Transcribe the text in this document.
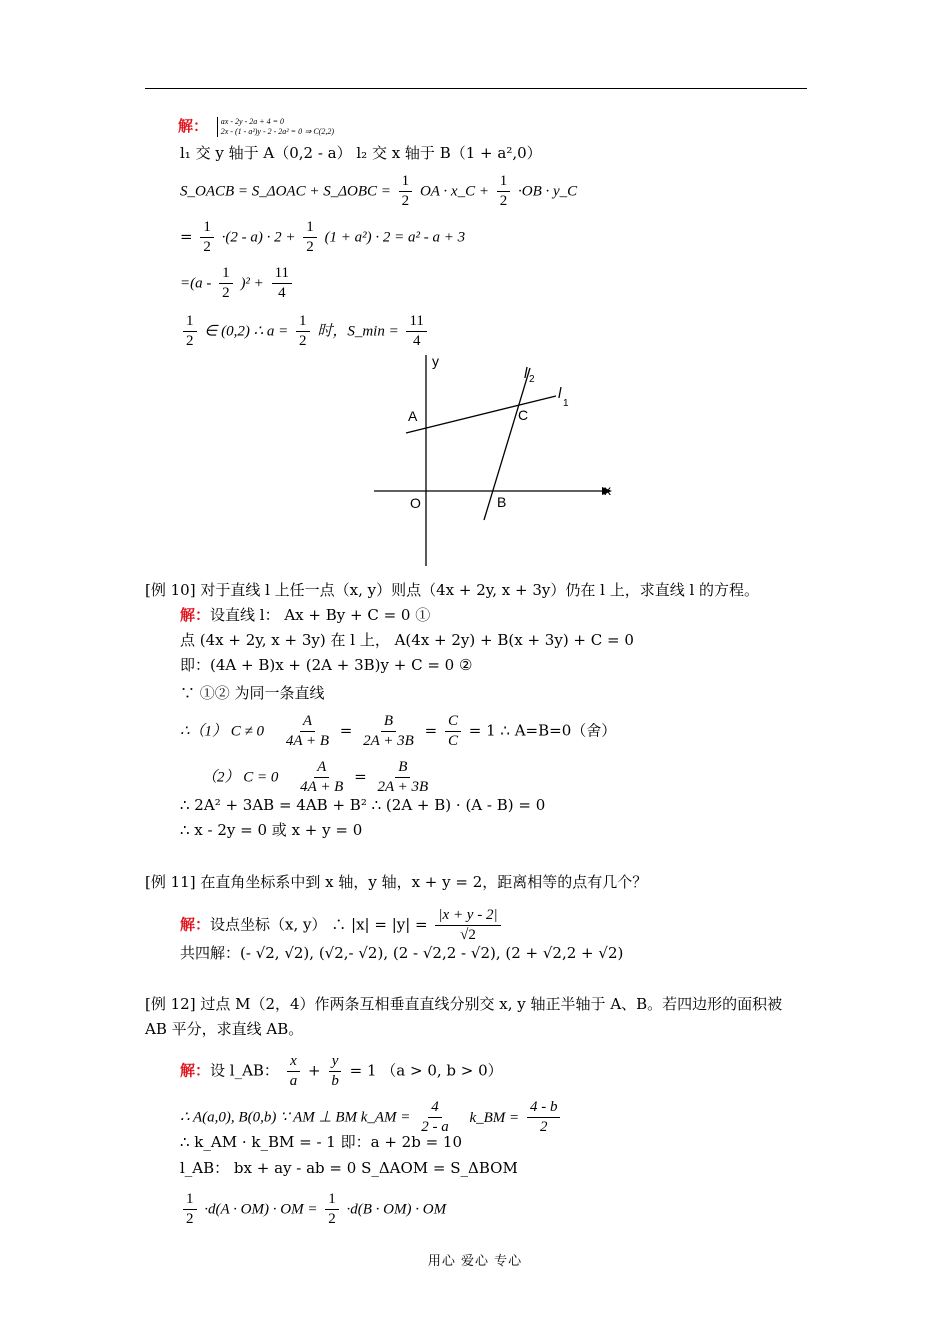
解： ax - 2y - 2a + 4 = 0
2x - (1 - a²)y - 2 - 2a² = 0 ⇒ C(2,2)
l₁ 交 y 轴于 A（0,2 - a） l₂ 交 x 轴于 B（1 + a²,0）
S_OACB = S_ΔOAC + S_ΔOBC = $\frac{1}{2}$ OA · x_C + $\frac{1}{2} \cdot OB$ · y_C
= $\frac{1}{2} \cdot(2 - a) \cdot 2 + \frac{1}{2} (1 + a^2) \cdot 2 = a^2 - a + 3$
$=(a - \frac{1}{2} )^2 + \frac{11}{4}$
$\frac{1}{2}$ ∈ (0,2) ∴ $a = \frac{1}{2}$ 时，S_min = $\frac{11}{4}$
y
x
O
A
B
C
l
1
l 2
[例 10] 对于直线 l 上任一点（x, y）则点（4x + 2y, x + 3y）仍在 l 上，求直线 l 的方程。
解：设直线 l： Ax + By + C = 0 ①
点 (4x + 2y, x + 3y) 在 l 上， A(4x + 2y) + B(x + 3y) + C = 0
即：(4A + B)x + (2A + 3B)y + C = 0 ②
∵ ①② 为同一条直线
∴（1） $C \ne 0 \frac{A}{4A + B} = \frac{B}{2A + 3B} = \frac{C}{C} = 1$ ∴ A=B=0（舍）
（2） $C = 0 \frac{A}{4A + B} = \frac{B}{2A + 3B}$
∴ 2A² + 3AB = 4AB + B² ∴ (2A + B) · (A - B) = 0
∴ x - 2y = 0 或 x + y = 0
[例 11] 在直角坐标系中到 x 轴，y 轴，x + y = 2，距离相等的点有几个？
解：设点坐标（x, y） ∴ $|x| = |y| = \frac{|x + y - 2|}{√2}$
共四解：(- √2, √2), (√2,- √2), (2 - √2,2 - √2), (2 + √2,2 + √2)
[例 12] 过点 M（2，4）作两条互相垂直直线分别交 x, y 轴正半轴于 A、B。若四边形的面积被
AB 平分，求直线 AB。
解：设 l_AB： $\frac{x}{a} + \frac{y}{b} = 1$ （a > 0, b > 0）
∴ A(a,0), B(0,b) ∵ AM ⊥ BM k_AM = $\frac{4}{2 - a}$ k_BM = $\frac{4 - b}{2}$
∴ k_AM · k_BM = - 1 即：a + 2b = 10
l_AB： bx + ay - ab = 0 S_ΔAOM = S_ΔBOM
$\frac{1}{2} \cdot d(A \cdot OM)$ · OM = $\frac{1}{2} \cdot d(B \cdot OM)$ · OM
用心 爱心 专心
